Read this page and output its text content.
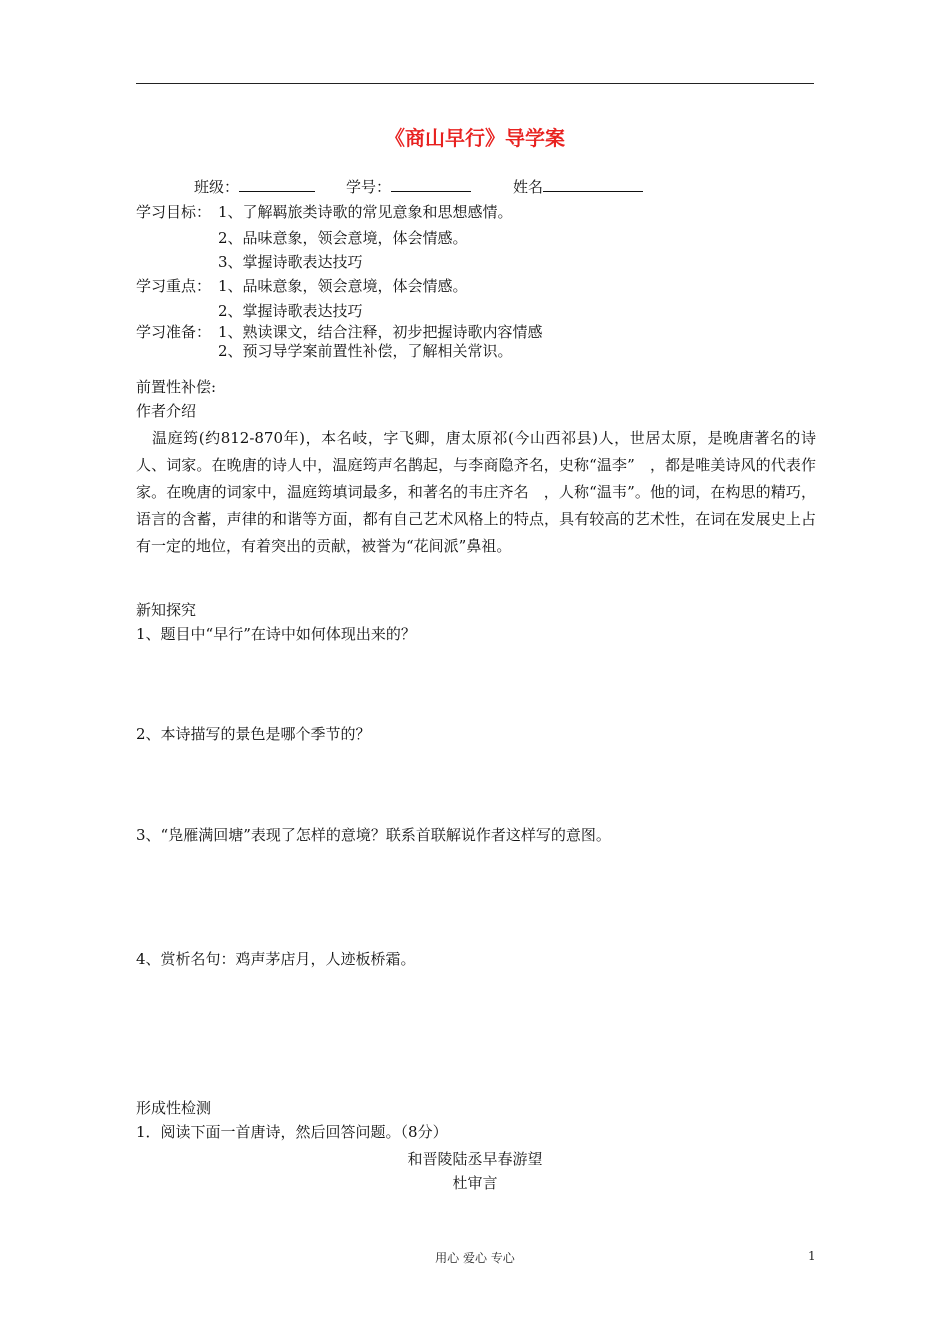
《商山早行》导学案
班级：	学号：	姓名
学习目标： 1、了解羁旅类诗歌的常见意象和思想感情。
2、品味意象，领会意境，体会情感。
3、掌握诗歌表达技巧
学习重点： 1、品味意象，领会意境，体会情感。
2、掌握诗歌表达技巧
学习准备： 1、熟读课文，结合注释，初步把握诗歌内容情感
2、预习导学案前置性补偿，了解相关常识。
前置性补偿:
作者介绍
温庭筠(约812-870年)，本名岐，字飞卿，唐太原祁(今山西祁县)人，世居太原，是晚唐著名的诗人、词家。在晚唐的诗人中，温庭筠声名鹊起，与李商隐齐名，史称“温李”　，都是唯美诗风的代表作家。在晚唐的词家中，温庭筠填词最多，和著名的韦庄齐名　，人称“温韦”。他的词，在构思的精巧，语言的含蓄，声律的和谐等方面，都有自己艺术风格上的特点，具有较高的艺术性，在词在发展史上占有一定的地位，有着突出的贡献，被誉为“花间派”鼻祖。
新知探究
1、题目中“早行”在诗中如何体现出来的？
2、本诗描写的景色是哪个季节的？
3、“凫雁满回塘”表现了怎样的意境？联系首联解说作者这样写的意图。
4、赏析名句：鸡声茅店月，人迹板桥霜。
形成性检测
1．阅读下面一首唐诗，然后回答问题。（8分）
和晋陵陆丞早春游望
杜审言
用心 爱心 专心	1
